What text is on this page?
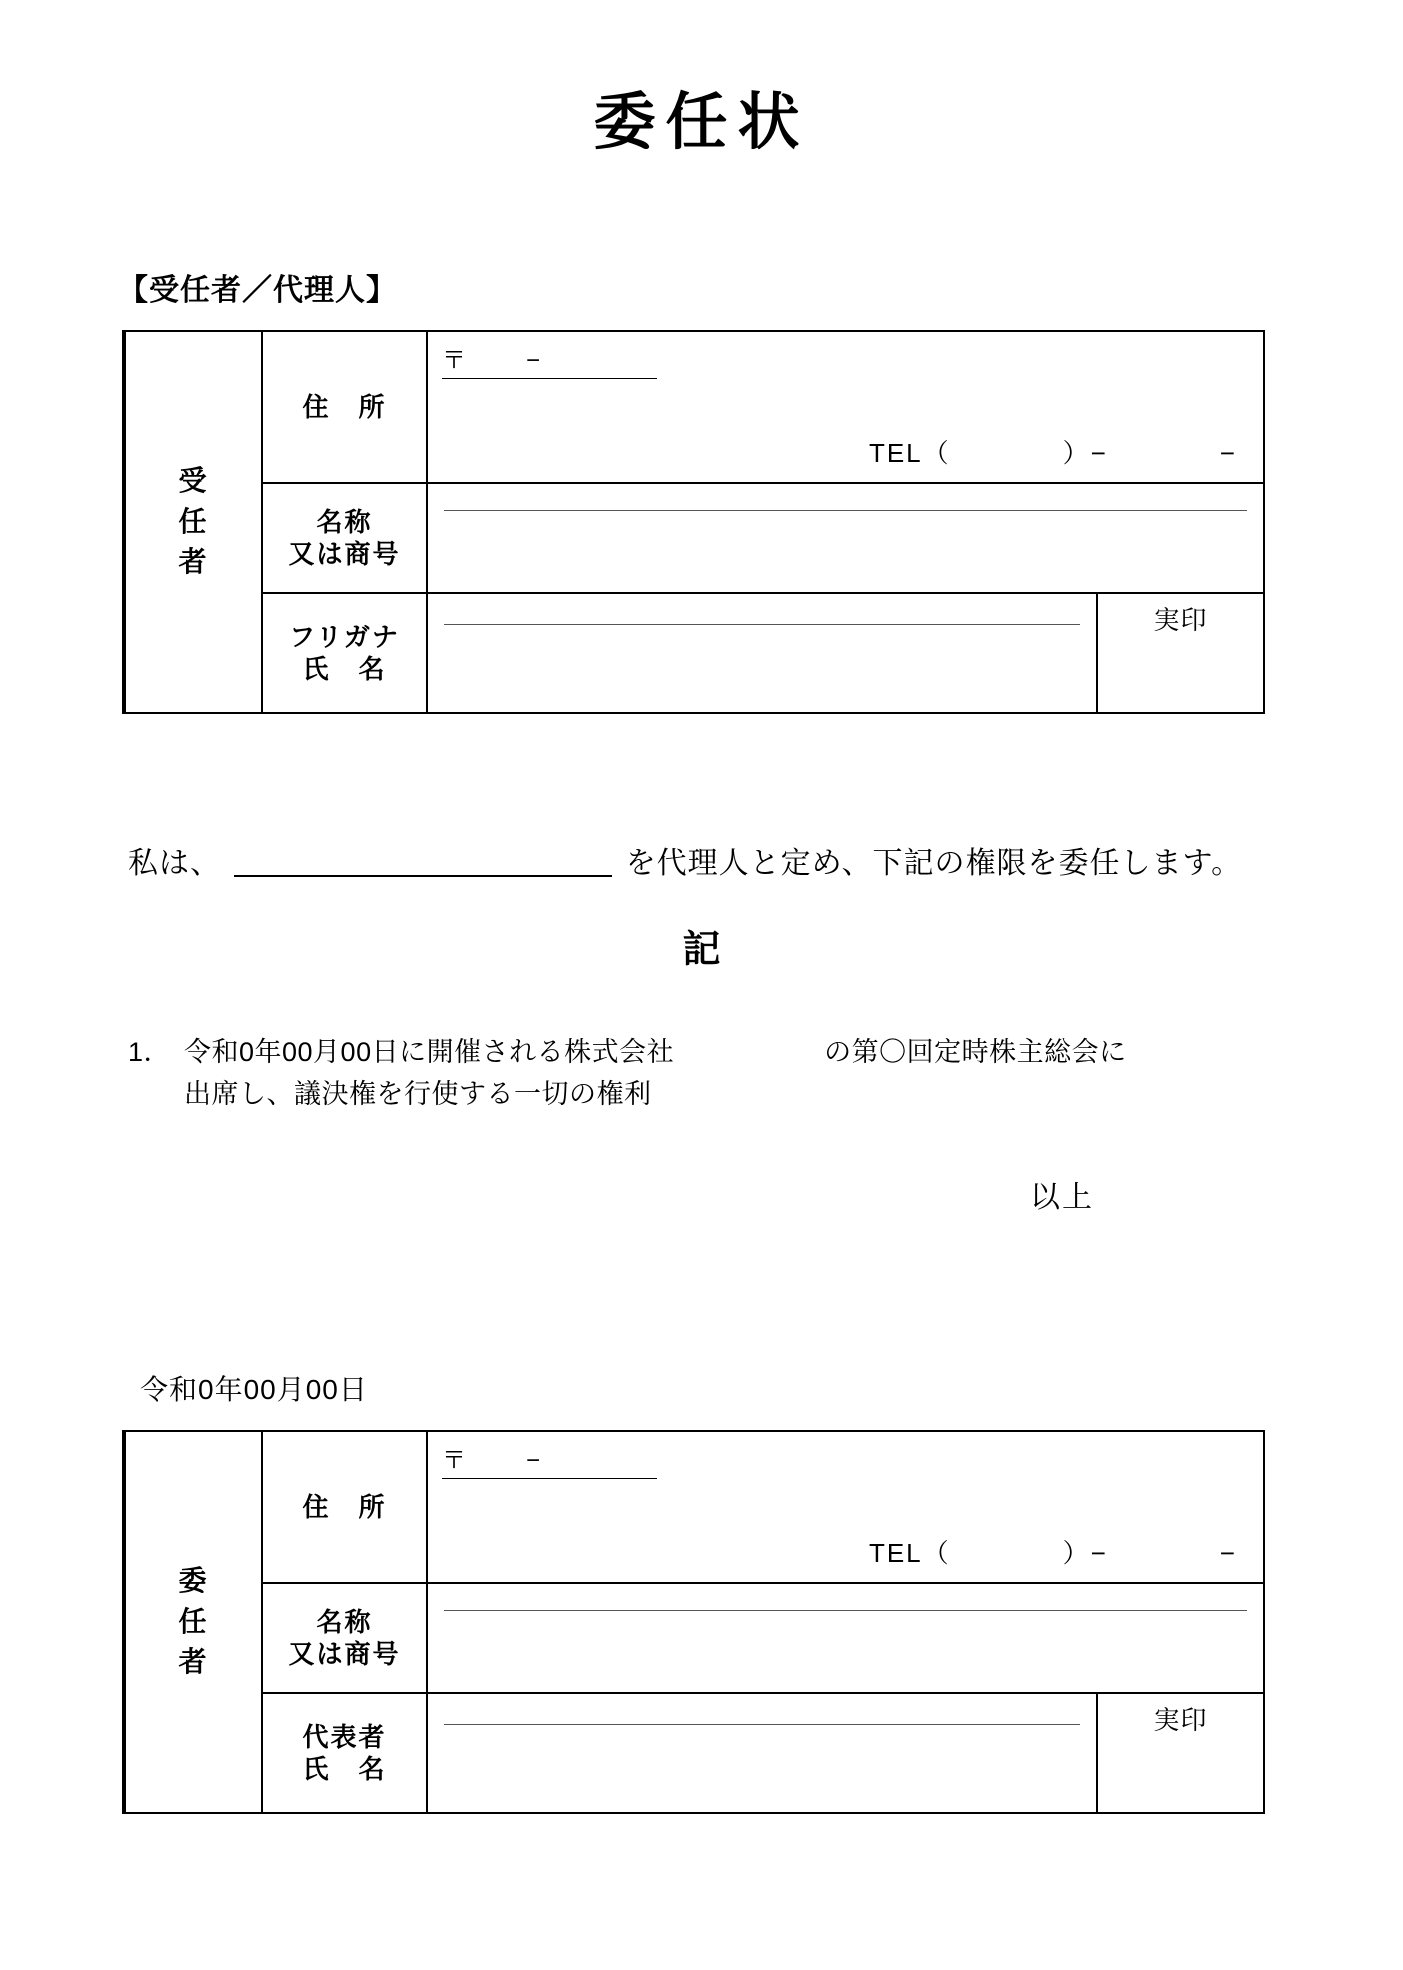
委任状
【受任者／代理人】
受
任
者
	住　所	
〒 −
TEL（　　　　）−　　　　−

	名称
又は商号		

	フリガナ
氏　名		実印
私は、	を代理人と定め、下記の権限を委任します。
記
1． 令和0年00月00日に開催される株式会社	の第〇回定時株主総会に
出席し、議決権を行使する一切の権利
以上
令和0年00月00日
委
任
者
	住　所	
〒 −
TEL（　　　　）−　　　　−

	名称
又は商号		

	代表者
氏　名		実印
